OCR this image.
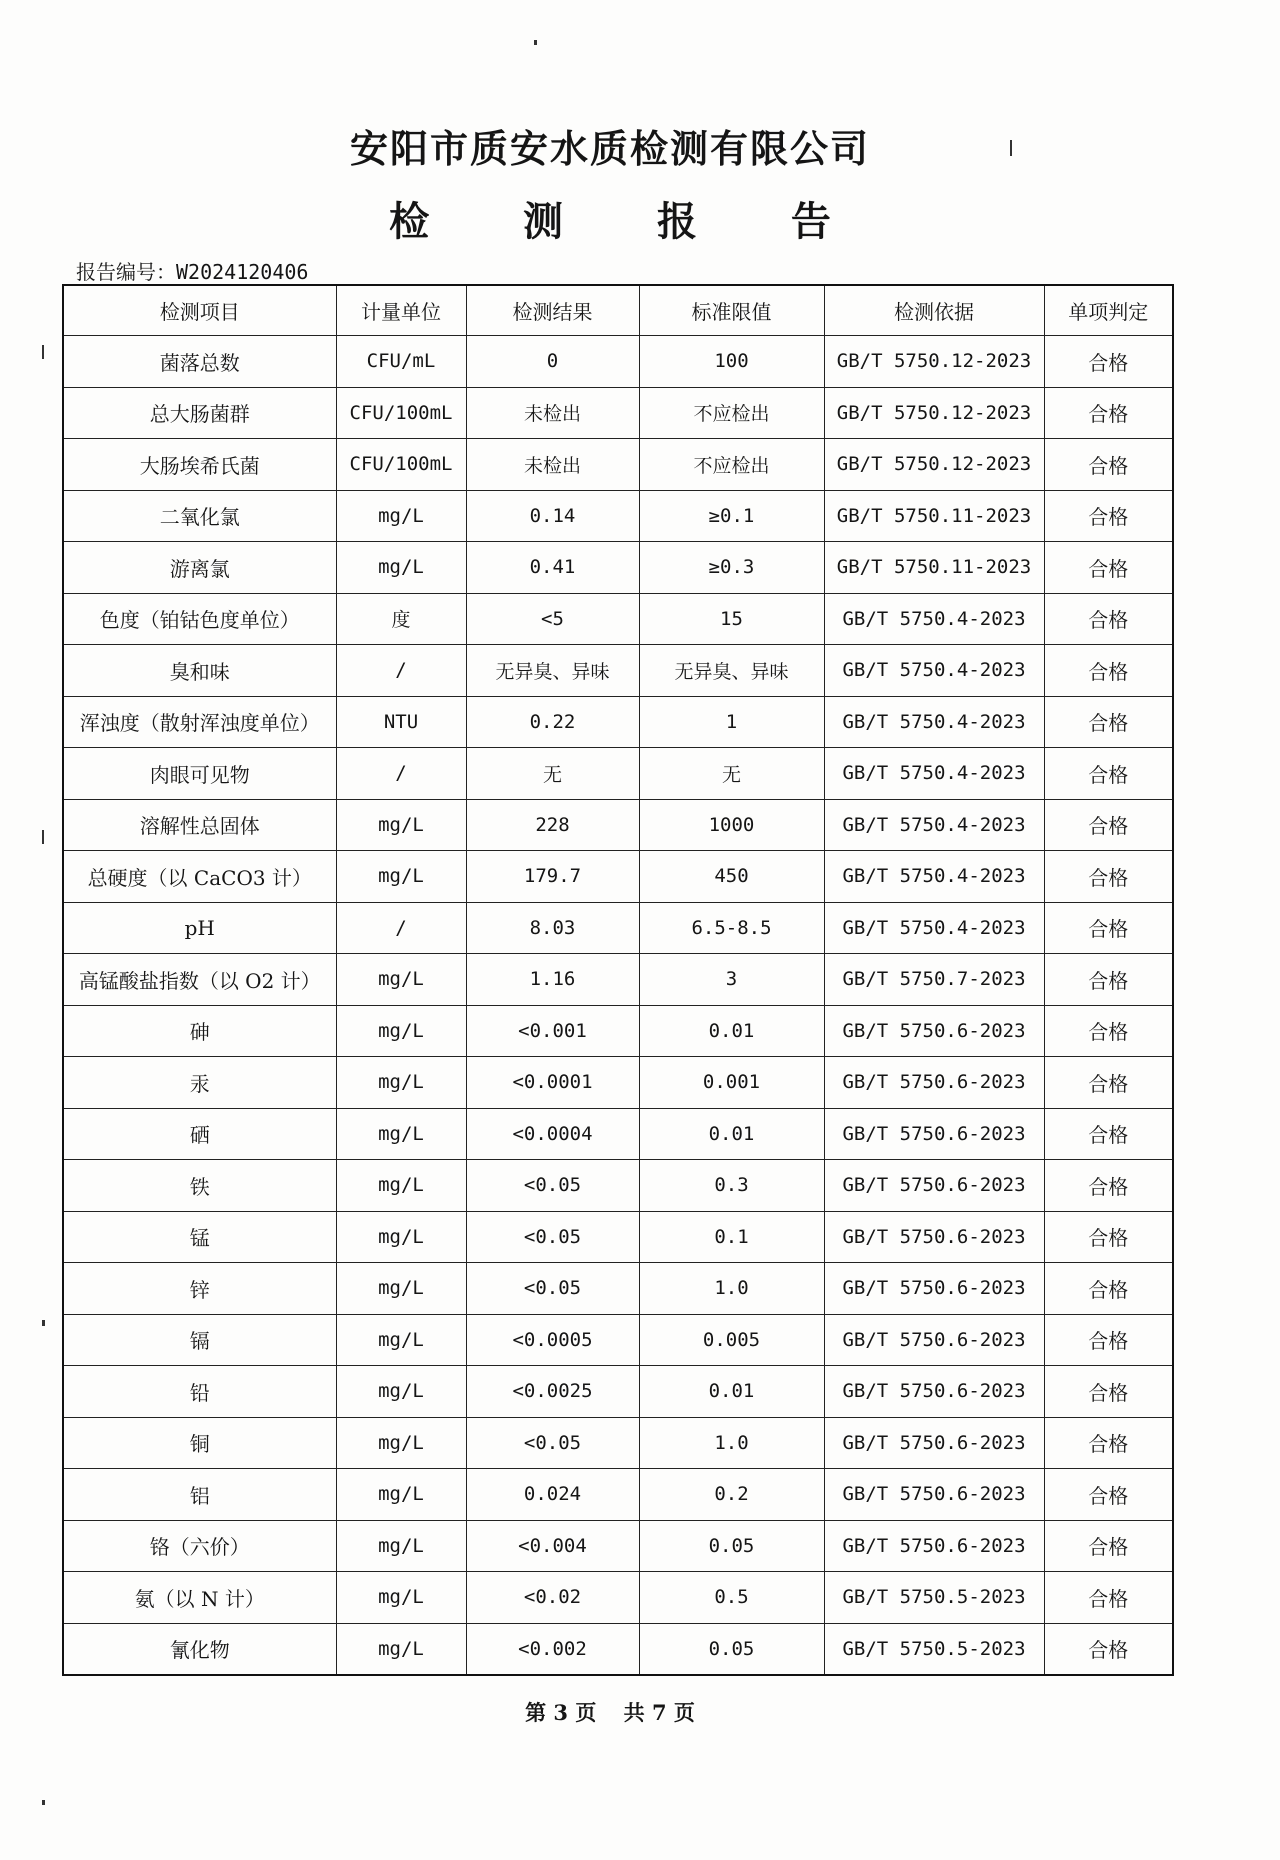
安阳市质安水质检测有限公司
检 测 报 告
报告编号：W2024120406
检测项目	计量单位	检测结果	标准限值	检测依据	单项判定
菌落总数	CFU/mL	0	100	GB/T 5750.12-2023	合格
总大肠菌群	CFU/100mL	未检出	不应检出	GB/T 5750.12-2023	合格
大肠埃希氏菌	CFU/100mL	未检出	不应检出	GB/T 5750.12-2023	合格
二氧化氯	mg/L	0.14	≥0.1	GB/T 5750.11-2023	合格
游离氯	mg/L	0.41	≥0.3	GB/T 5750.11-2023	合格
色度（铂钴色度单位）	度	<5	15	GB/T 5750.4-2023	合格
臭和味	/	无异臭、异味	无异臭、异味	GB/T 5750.4-2023	合格
浑浊度（散射浑浊度单位）	NTU	0.22	1	GB/T 5750.4-2023	合格
肉眼可见物	/	无	无	GB/T 5750.4-2023	合格
溶解性总固体	mg/L	228	1000	GB/T 5750.4-2023	合格
总硬度（以 CaCO3 计）	mg/L	179.7	450	GB/T 5750.4-2023	合格
pH	/	8.03	6.5-8.5	GB/T 5750.4-2023	合格
高锰酸盐指数（以 O2 计）	mg/L	1.16	3	GB/T 5750.7-2023	合格
砷	mg/L	<0.001	0.01	GB/T 5750.6-2023	合格
汞	mg/L	<0.0001	0.001	GB/T 5750.6-2023	合格
硒	mg/L	<0.0004	0.01	GB/T 5750.6-2023	合格
铁	mg/L	<0.05	0.3	GB/T 5750.6-2023	合格
锰	mg/L	<0.05	0.1	GB/T 5750.6-2023	合格
锌	mg/L	<0.05	1.0	GB/T 5750.6-2023	合格
镉	mg/L	<0.0005	0.005	GB/T 5750.6-2023	合格
铅	mg/L	<0.0025	0.01	GB/T 5750.6-2023	合格
铜	mg/L	<0.05	1.0	GB/T 5750.6-2023	合格
铝	mg/L	0.024	0.2	GB/T 5750.6-2023	合格
铬（六价）	mg/L	<0.004	0.05	GB/T 5750.6-2023	合格
氨（以 N 计）	mg/L	<0.02	0.5	GB/T 5750.5-2023	合格
氰化物	mg/L	<0.002	0.05	GB/T 5750.5-2023	合格
第 3 页 共 7 页
